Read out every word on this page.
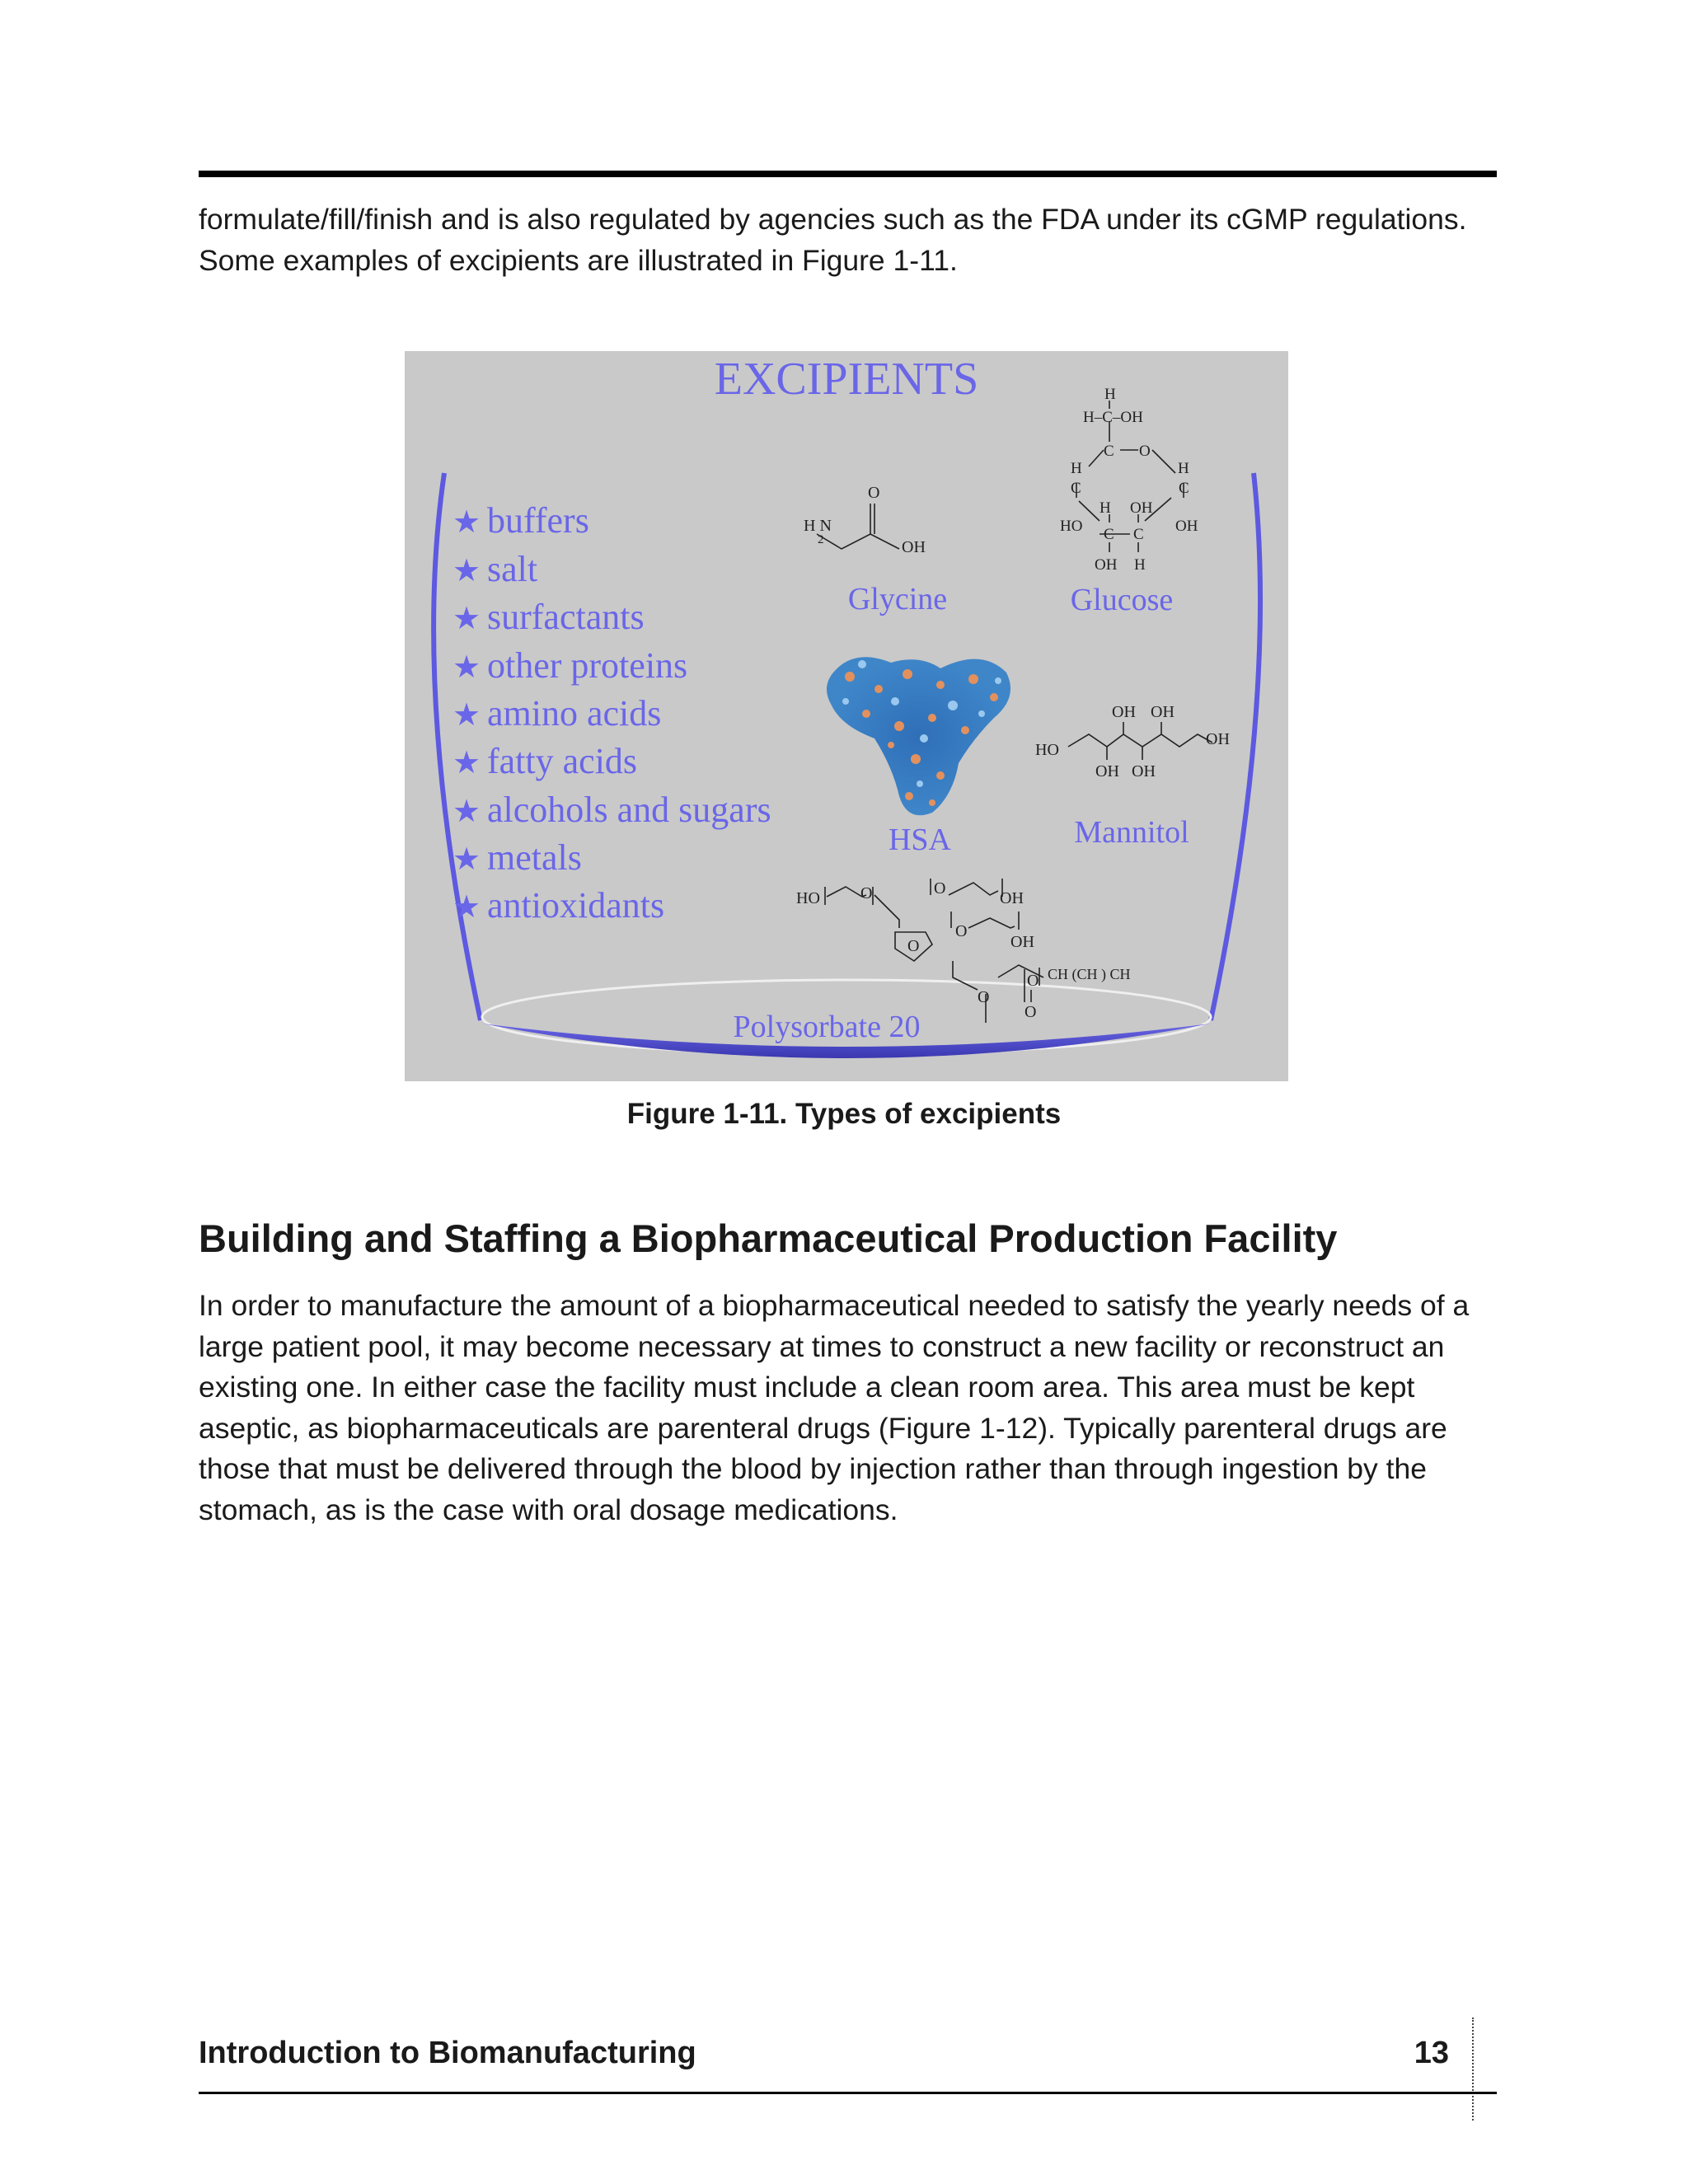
formulate/fill/finish and is also regulated by agencies such as the FDA under its cGMP regulations. Some examples of excipients are illustrated in Figure 1-11.

EXCIPIENTS
★ buffers
★ salt
★ surfactants
★ other proteins
★ amino acids
★ fatty acids
★ alcohols and sugars
★ metals
★ antioxidants
Glycine	Glucose
HSA	Mannitol
Polysorbate 20
H N
2
O
OH
H
H–C–OH
C O
H	H
C	C
H OH
HO C C OH
OH H
HO
OH OH
OH OH
OH
HO O	O
OH
O
O
OH
O
O CH (CH ) CH
O
Figure 1-11. Types of excipients
Building and Staffing a Biopharmaceutical Production Facility

In order to manufacture the amount of a biopharmaceutical needed to satisfy the yearly needs of a large patient pool, it may become necessary at times to construct a new facility or reconstruct an existing one. In either case the facility must include a clean room area. This area must be kept aseptic, as biopharmaceuticals are parenteral drugs (Figure 1-12). Typically parenteral drugs are those that must be delivered through the blood by injection rather than through ingestion by the stomach, as is the case with oral dosage medications.

Introduction to Biomanufacturing	13
